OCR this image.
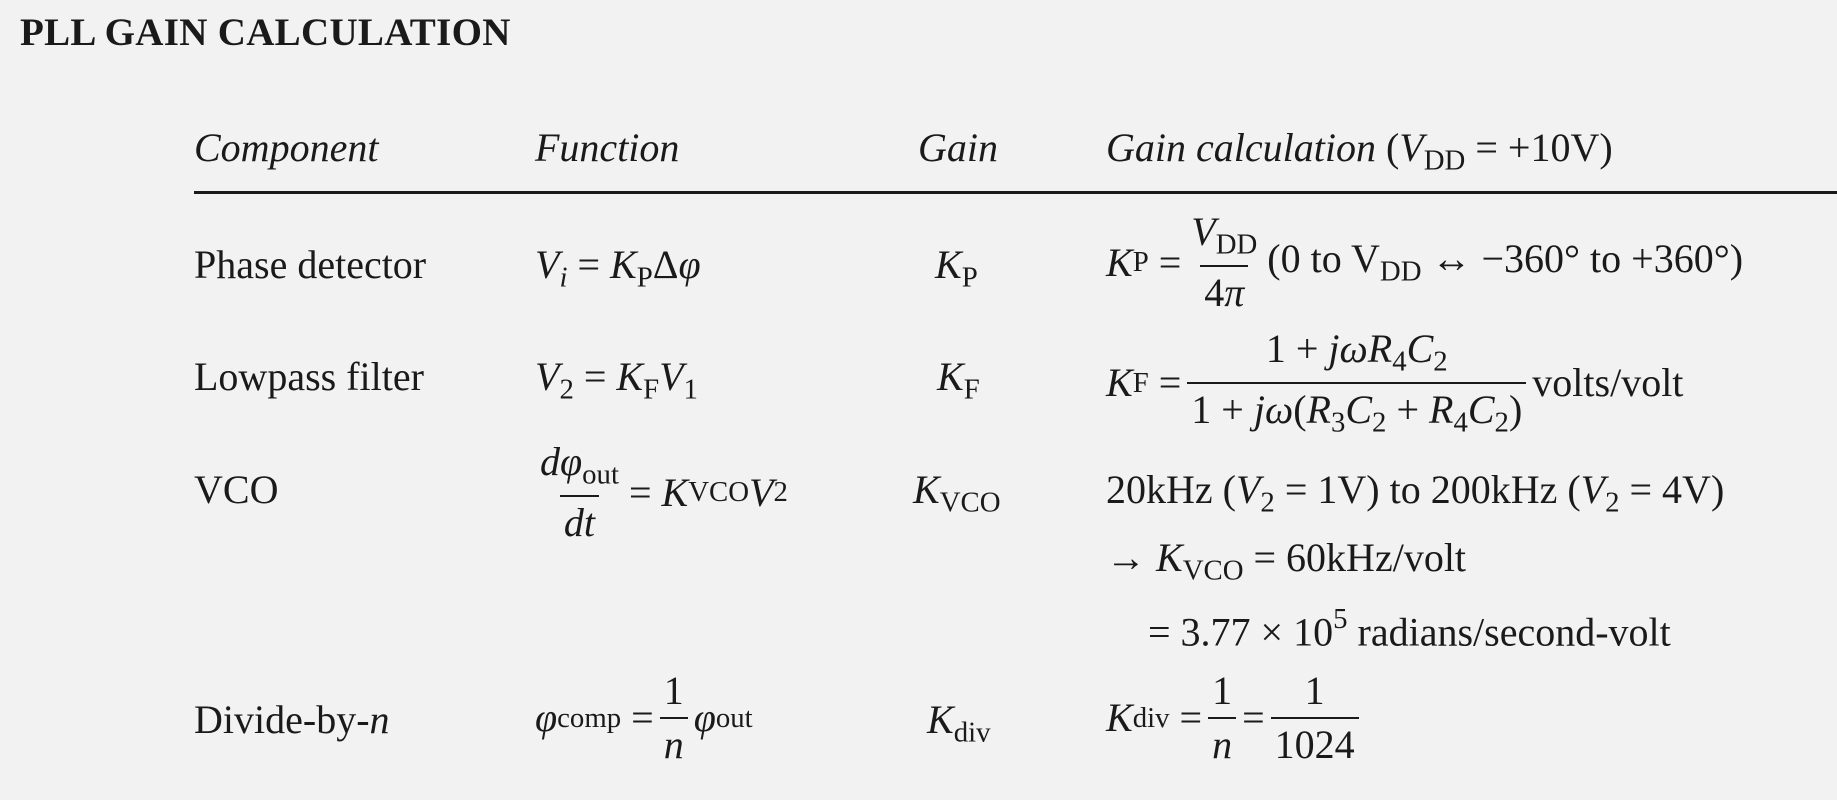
PLL GAIN CALCULATION
Component	Function	Gain	Gain calculation $(V_{DD} = +10V)$
Phase detector	$V_i = K_P\Delta\varphi$	$K_P$	K $P = \frac{V_{DD}}{4\pi} (0$ to $V_{DD}$ ↔ −360° to +360°)
Lowpass filter	$V_2 = K_FV_1$	$K_F$	K $F = \frac{1 + j\omega R_4C_2}{1 + j\omega(R_3C_2 + R_4C_2)}$ volts/volt
VCO	$\frac{d\varphi_{out}}{dt} = K$ VCO V 2	$K_{VCO}$	20kHz $(V_2 = 1V)$ to 200kHz $(V_2 = 4V)$
→ $K_{VCO}$ = 60kHz/volt
= $3.77 \times 10^5$ radians/second-volt
Divide-by-n	φ comp = $\frac{1}{n}$ φ out	$K_{div}$	K div = $\frac{1}{n} = \frac{1}{1024}$
